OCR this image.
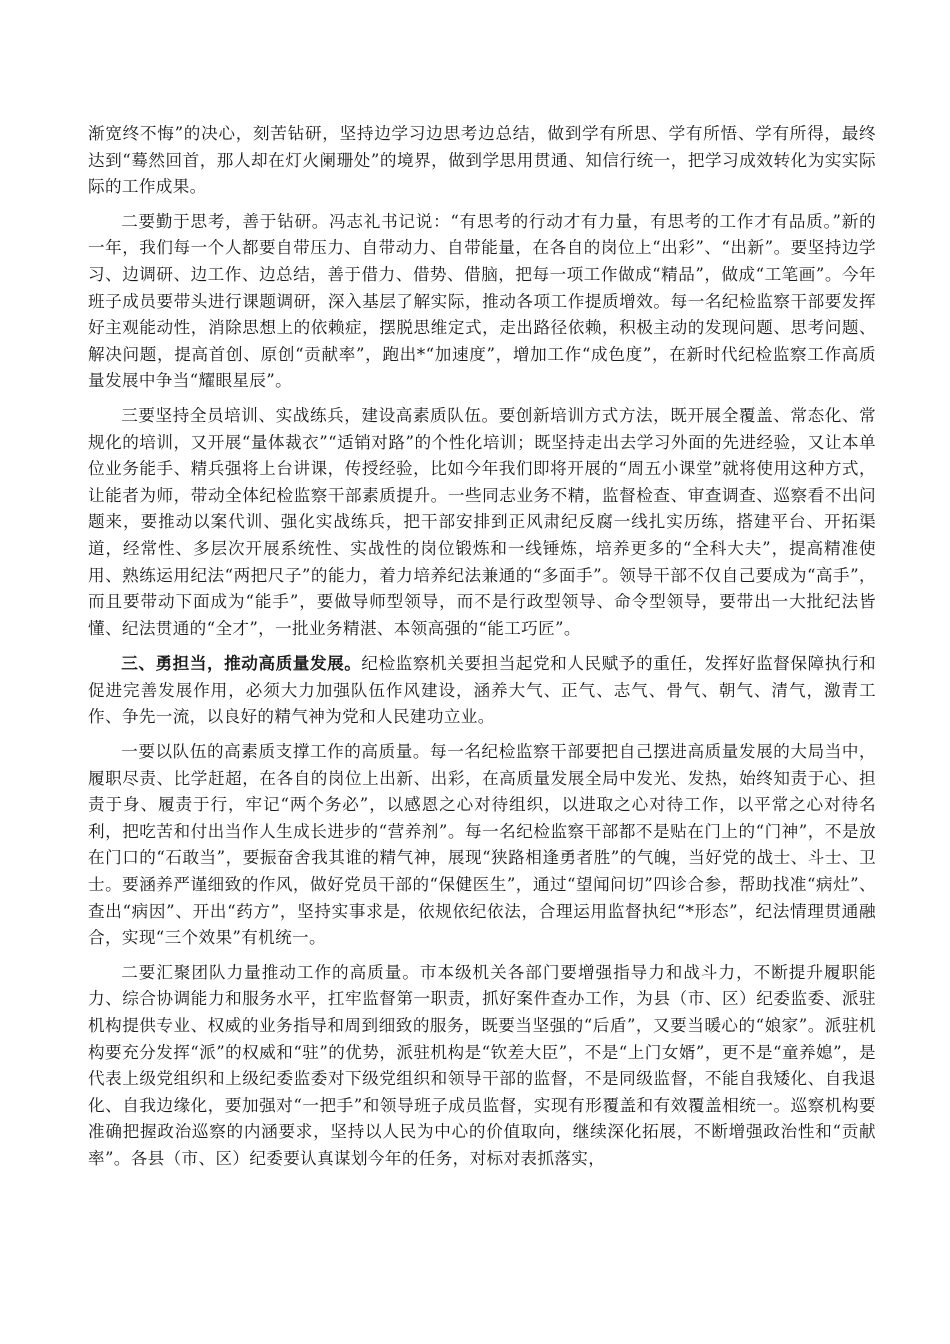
渐宽终不悔”的决心，刻苦钻研，坚持边学习边思考边总结，做到学有所思、学有所悟、学有所得，最终达到“蓦然回首，那人却在灯火阑珊处”的境界，做到学思用贯通、知信行统一，把学习成效转化为实实际际的工作成果。

二要勤于思考，善于钻研。冯志礼书记说：“有思考的行动才有力量，有思考的工作才有品质。”新的一年，我们每一个人都要自带压力、自带动力、自带能量，在各自的岗位上“出彩”、“出新”。要坚持边学习、边调研、边工作、边总结，善于借力、借势、借脑，把每一项工作做成“精品”，做成“工笔画”。今年班子成员要带头进行课题调研，深入基层了解实际，推动各项工作提质增效。每一名纪检监察干部要发挥好主观能动性，消除思想上的依赖症，摆脱思维定式，走出路径依赖，积极主动的发现问题、思考问题、解决问题，提高首创、原创“贡献率”，跑出*“加速度”，增加工作“成色度”，在新时代纪检监察工作高质量发展中争当“耀眼星辰”。

三要坚持全员培训、实战练兵，建设高素质队伍。要创新培训方式方法，既开展全覆盖、常态化、常规化的培训，又开展“量体裁衣”“适销对路”的个性化培训；既坚持走出去学习外面的先进经验，又让本单位业务能手、精兵强将上台讲课，传授经验，比如今年我们即将开展的“周五小课堂”就将使用这种方式，让能者为师，带动全体纪检监察干部素质提升。一些同志业务不精，监督检查、审查调查、巡察看不出问题来，要推动以案代训、强化实战练兵，把干部安排到正风肃纪反腐一线扎实历练，搭建平台、开拓渠道，经常性、多层次开展系统性、实战性的岗位锻炼和一线锤炼，培养更多的“全科大夫”，提高精准使用、熟练运用纪法“两把尺子”的能力，着力培养纪法兼通的“多面手”。领导干部不仅自己要成为“高手”，而且要带动下面成为“能手”，要做导师型领导，而不是行政型领导、命令型领导，要带出一大批纪法皆懂、纪法贯通的“全才”，一批业务精湛、本领高强的“能工巧匠”。

三、勇担当，推动高质量发展。纪检监察机关要担当起党和人民赋予的重任，发挥好监督保障执行和促进完善发展作用，必须大力加强队伍作风建设，涵养大气、正气、志气、骨气、朝气、清气，激青工作、争先一流，以良好的精气神为党和人民建功立业。

一要以队伍的高素质支撑工作的高质量。每一名纪检监察干部要把自己摆进高质量发展的大局当中，履职尽责、比学赶超，在各自的岗位上出新、出彩，在高质量发展全局中发光、发热，始终知责于心、担责于身、履责于行，牢记“两个务必”，以感恩之心对待组织，以进取之心对待工作，以平常之心对待名利，把吃苦和付出当作人生成长进步的“营养剂”。每一名纪检监察干部都不是贴在门上的“门神”，不是放在门口的“石敢当”，要振奋舍我其谁的精气神，展现“狭路相逢勇者胜”的气魄，当好党的战士、斗士、卫士。要涵养严谨细致的作风，做好党员干部的“保健医生”，通过“望闻问切”四诊合参，帮助找准“病灶”、查出“病因”、开出“药方”，坚持实事求是，依规依纪依法，合理运用监督执纪“*形态”，纪法情理贯通融合，实现“三个效果”有机统一。

二要汇聚团队力量推动工作的高质量。市本级机关各部门要增强指导力和战斗力，不断提升履职能力、综合协调能力和服务水平，扛牢监督第一职责，抓好案件查办工作，为县（市、区）纪委监委、派驻机构提供专业、权威的业务指导和周到细致的服务，既要当坚强的“后盾”，又要当暖心的“娘家”。派驻机构要充分发挥“派”的权威和“驻”的优势，派驻机构是“钦差大臣”，不是“上门女婿”，更不是“童养媳”，是代表上级党组织和上级纪委监委对下级党组织和领导干部的监督，不是同级监督，不能自我矮化、自我退化、自我边缘化，要加强对“一把手”和领导班子成员监督，实现有形覆盖和有效覆盖相统一。巡察机构要准确把握政治巡察的内涵要求，坚持以人民为中心的价值取向，继续深化拓展，不断增强政治性和“贡献率”。各县（市、区）纪委要认真谋划今年的任务，对标对表抓落实，
